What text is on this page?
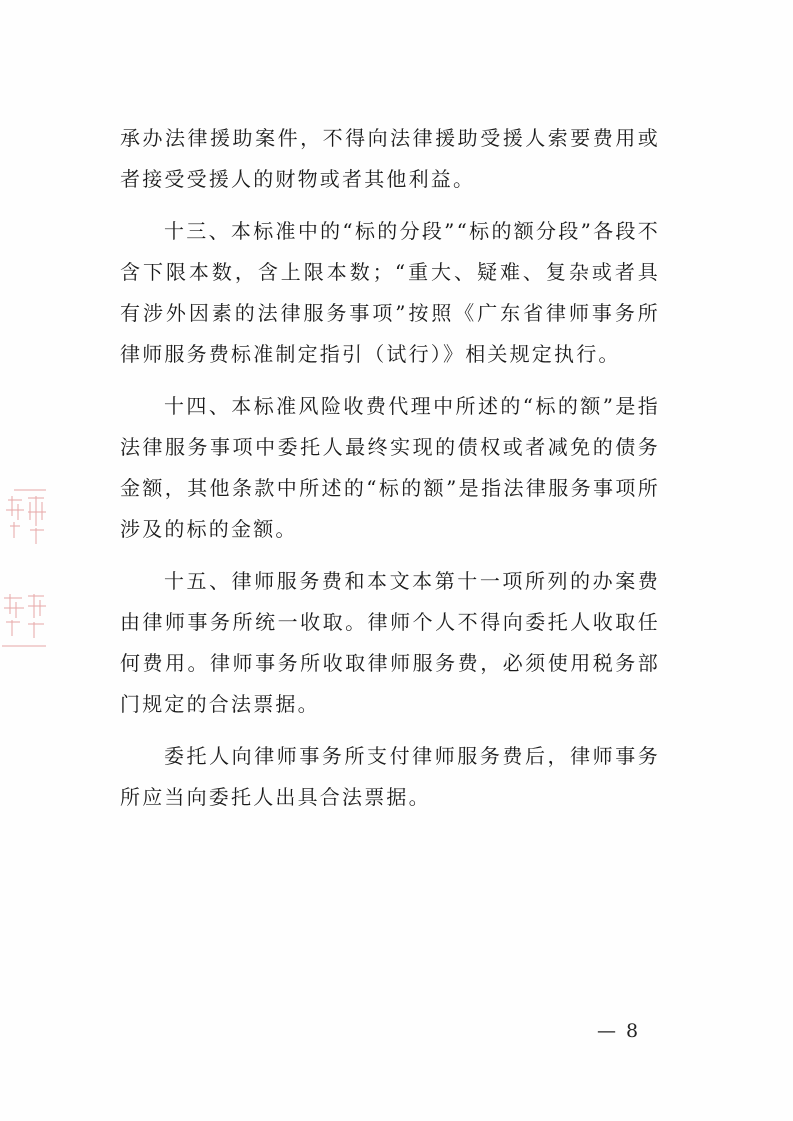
承办法律援助案件，不得向法律援助受援人索要费用或者接受受援人的财物或者其他利益。

十三、本标准中的“标的分段”“标的额分段”各段不含下限本数，含上限本数；“重大、疑难、复杂或者具有涉外因素的法律服务事项”按照《广东省律师事务所律师服务费标准制定指引（试行）》相关规定执行。

十四、本标准风险收费代理中所述的“标的额”是指法律服务事项中委托人最终实现的债权或者减免的债务金额，其他条款中所述的“标的额”是指法律服务事项所涉及的标的金额。

十五、律师服务费和本文本第十一项所列的办案费由律师事务所统一收取。律师个人不得向委托人收取任何费用。律师事务所收取律师服务费，必须使用税务部门规定的合法票据。

委托人向律师事务所支付律师服务费后，律师事务所应当向委托人出具合法票据。

— 8
